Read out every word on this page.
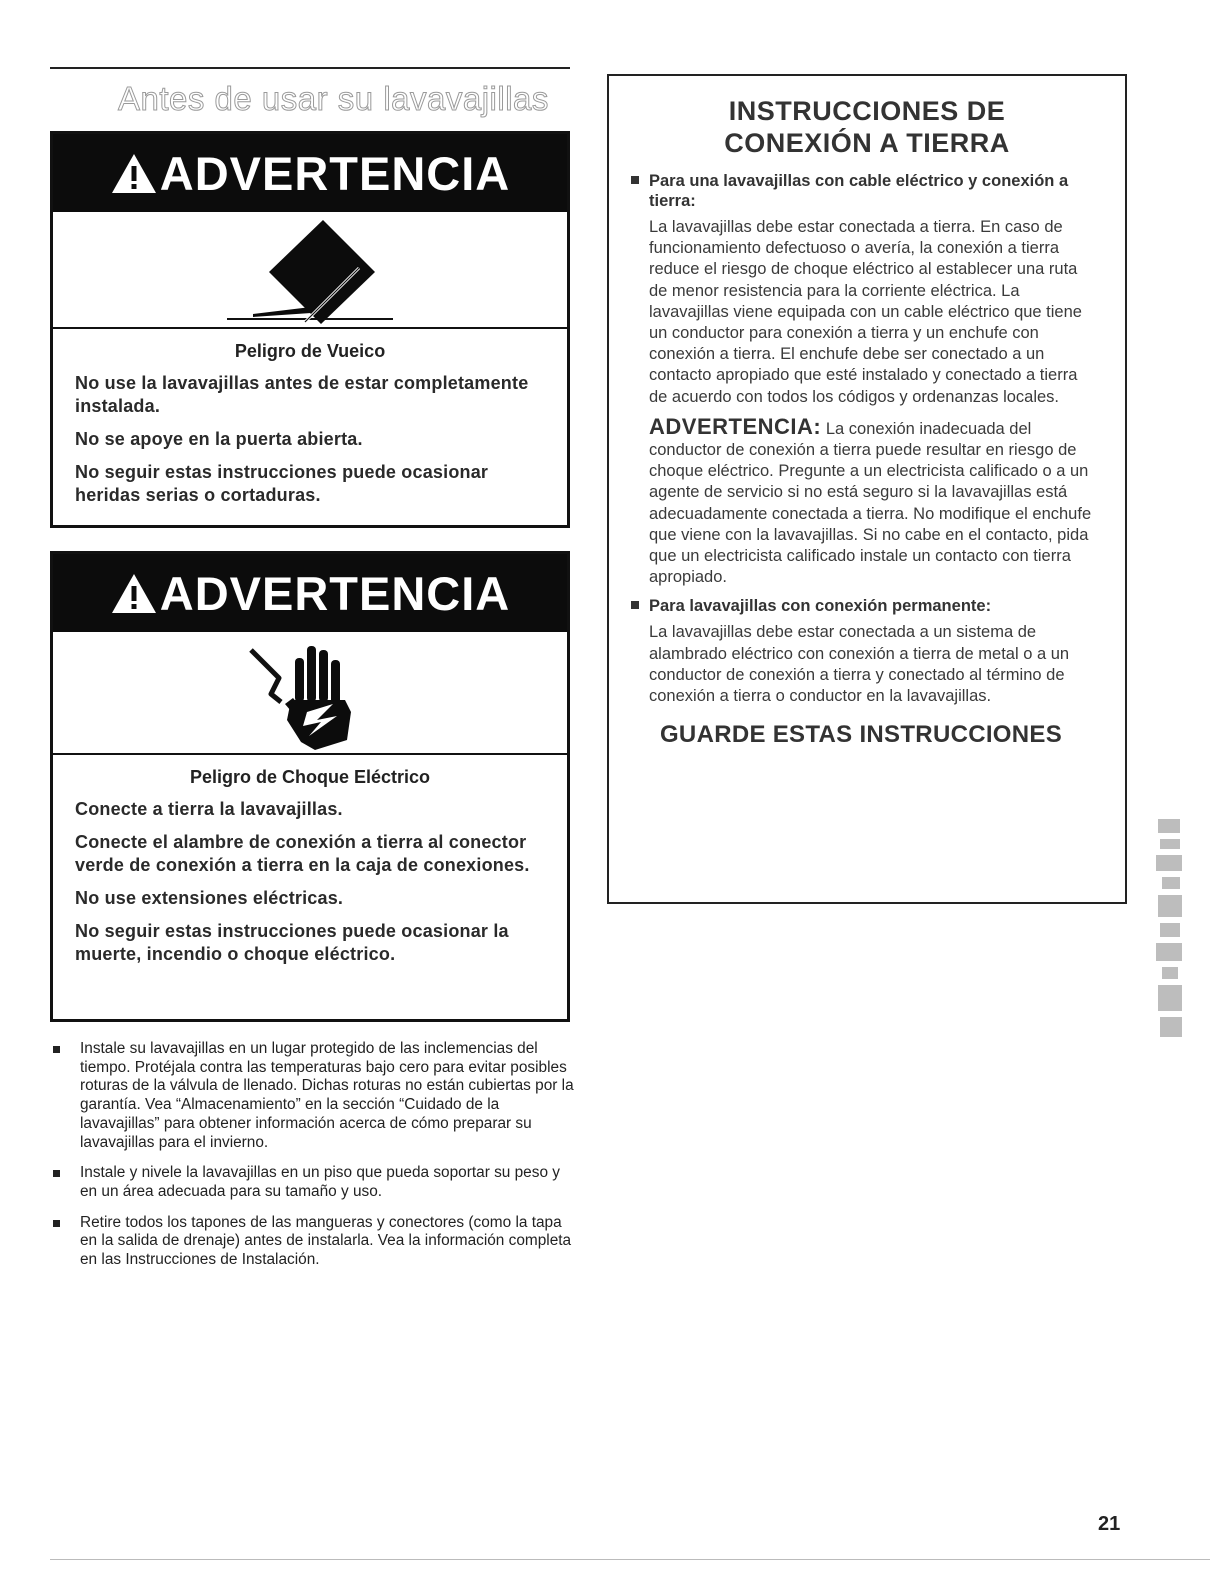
Antes de usar su lavavajillas
ADVERTENCIA
Peligro de Vueico

No use la lavavajillas antes de estar completamente instalada.

No se apoye en la puerta abierta.

No seguir estas instrucciones puede ocasionar heridas serias o cortaduras.

ADVERTENCIA
Peligro de Choque Eléctrico

Conecte a tierra la lavavajillas.

Conecte el alambre de conexión a tierra al conector verde de conexión a tierra en la caja de conexiones.

No use extensiones eléctricas.

No seguir estas instrucciones puede ocasionar la muerte, incendio o choque eléctrico.

INSTRUCCIONES DE
CONEXIÓN A TIERRA
Para una lavavajillas con cable eléctrico y conexión a tierra:

La lavavajillas debe estar conectada a tierra. En caso de funcionamiento defectuoso o avería, la conexión a tierra reduce el riesgo de choque eléctrico al establecer una ruta de menor resistencia para la corriente eléctrica. La lavavajillas viene equipada con un cable eléctrico que tiene un conductor para conexión a tierra y un enchufe con conexión a tierra. El enchufe debe ser conectado a un contacto apropiado que esté instalado y conectado a tierra de acuerdo con todos los códigos y ordenanzas locales.

ADVERTENCIA: La conexión inadecuada del conductor de conexión a tierra puede resultar en riesgo de choque eléctrico. Pregunte a un electricista calificado o a un agente de servicio si no está seguro si la lavavajillas está adecuadamente conectada a tierra. No modifique el enchufe que viene con la lavavajillas. Si no cabe en el contacto, pida que un electricista calificado instale un contacto con tierra apropiado.

Para lavavajillas con conexión permanente:

La lavavajillas debe estar conectada a un sistema de alambrado eléctrico con conexión a tierra de metal o a un conductor de conexión a tierra y conectado al término de conexión a tierra o conductor en la lavavajillas.

GUARDE ESTAS INSTRUCCIONES
Instale su lavavajillas en un lugar protegido de las inclemencias del tiempo. Protéjala contra las temperaturas bajo cero para evitar posibles roturas de la válvula de llenado. Dichas roturas no están cubiertas por la garantía. Vea “Almacenamiento” en la sección “Cuidado de la lavavajillas” para obtener información acerca de cómo preparar su lavavajillas para el invierno.
Instale y nivele la lavavajillas en un piso que pueda soportar su peso y en un área adecuada para su tamaño y uso.
Retire todos los tapones de las mangueras y conectores (como la tapa en la salida de drenaje) antes de instalarla. Vea la información completa en las Instrucciones de Instalación.
21
